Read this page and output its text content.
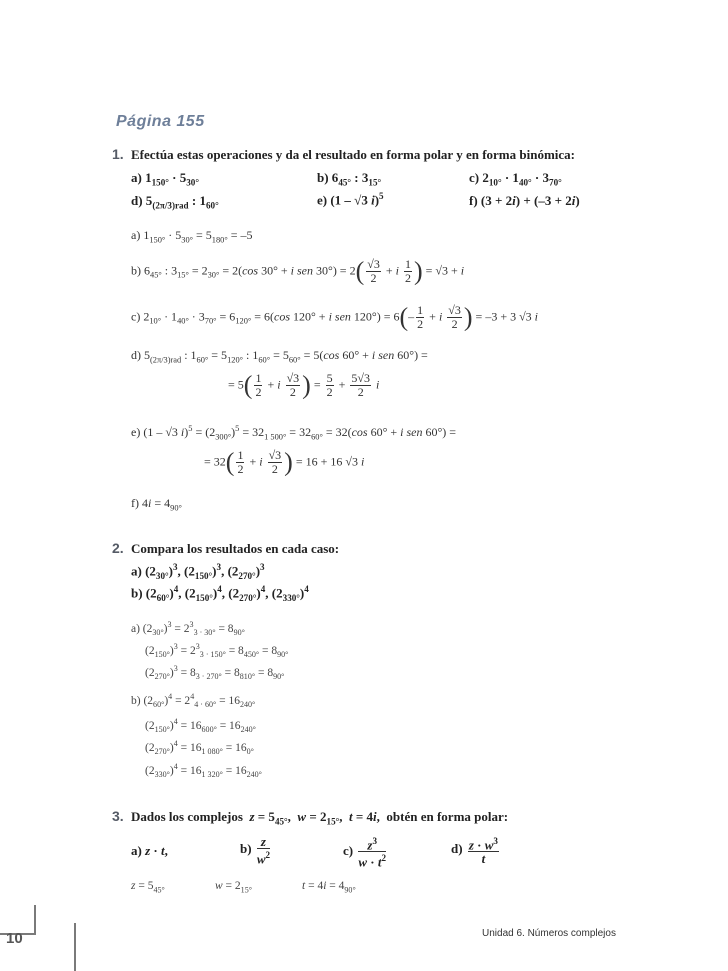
Página 155
1. Efectúa estas operaciones y da el resultado en forma polar y en forma binómica:
a) $1_{150^\circ} \cdot 5_{30^\circ}$	b) $6_{45^\circ}$ : $3_{15^\circ}$	c) $2_{10^\circ} \cdot 1_{40^\circ} \cdot 3_{70^\circ}$
d) $5_{(2\pi/3)rad}$ : $1_{60^\circ}$	e) (1 – √3 i)$^5$	f) (3 + 2i) + (–3 + 2i)
a) $1_{150^\circ} \cdot 5_{30^\circ} = 5_{180^\circ} = -5$
b) $6_{45^\circ}$ : $3_{15^\circ} = 2_{30^\circ} = 2(\cos$ 30° + i sen $30^\circ) = 2( \frac{√3}{2} + i \frac{1}{2}$ ) = √3 + i
c) $2_{10^\circ} \cdot 1_{40^\circ} \cdot 3_{70^\circ} = 6_{120^\circ} = 6(\cos$ 120° + i sen $120^\circ) = 6(- \frac{1}{2} + i \frac{√3}{2}$ ) = –3 + 3 √3 i
d) $5_{(2\pi/3)rad}$ : $1_{60^\circ} = 5_{120^\circ}$ : $1_{60^\circ} = 5_{60^\circ} = 5(\cos$ 60° + i sen 60°) =
= $5( \frac{1}{2} + i \frac{√3}{2}$ ) = $\frac{5}{2} + \frac{5√3}{2}$ i
e) (1 – √3 $i)^5 = (2_{300^\circ})^5 = 32_{1 500^\circ} = 32_{60^\circ} = 32(\cos$ 60° + i sen 60°) =
= $32( \frac{1}{2} + i \frac{√3}{2}$ ) = 16 + 16 √3 i
f) $4i = 4_{90^\circ}$
2. Compara los resultados en cada caso:
a) $(2_{30^\circ})^3$, $(2_{150^\circ})^3$, $(2_{270^\circ})^3$
b) $(2_{60^\circ})^4$, $(2_{150^\circ})^4$, $(2_{270^\circ})^4$, $(2_{330^\circ})^4$
a) $(2_{30^\circ})^3 = 2^3_{3 \cdot 30^\circ} = 8_{90^\circ}$
$(2_{150^\circ})^3 = 2^3_{3 \cdot 150^\circ} = 8_{450^\circ} = 8_{90^\circ}$
$(2_{270^\circ})^3 = 8_{3 \cdot 270^\circ} = 8_{810^\circ} = 8_{90^\circ}$
b) $(2_{60^\circ})^4 = 2^4_{4 \cdot 60^\circ} = 16_{240^\circ}$
$(2_{150^\circ})^4 = 16_{600^\circ} = 16_{240^\circ}$
$(2_{270^\circ})^4 = 16_{1 080^\circ} = 16_{0^\circ}$
$(2_{330^\circ})^4 = 16_{1 320^\circ} = 16_{240^\circ}$
3. Dados los complejos  $z = 5_{45^\circ}$,  $w = 2_{15^\circ}$,  t = 4i,  obtén en forma polar:
a) z · t,	$b) \frac{z}{w^2}$	$c) \frac{z^3}{w \cdot t^2}$	$d) \frac{z \cdot w^3}{t}$
$z = 5_{45^\circ}$	$w = 2_{15^\circ}$	$t = 4i = 4_{90^\circ}$
10	Unidad 6. Números complejos
